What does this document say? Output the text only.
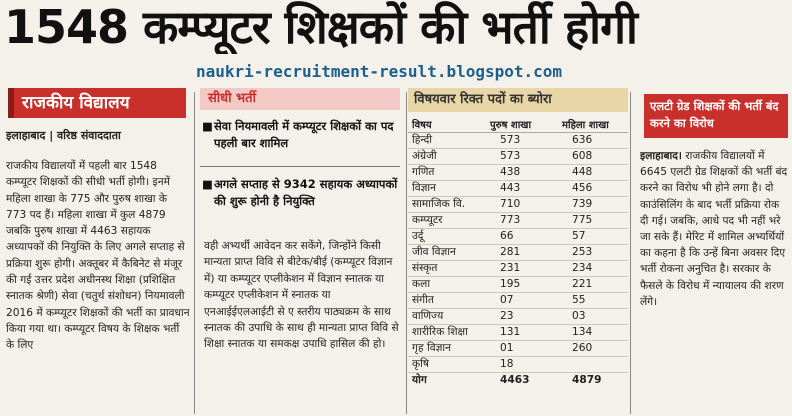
1548 कम्प्यूटर शिक्षकों की भर्ती होगी
naukri-recruitment-result.blogspot.com
राजकीय विद्यालय
इलाहाबाद | वरिष्ठ संवाददाता
राजकीय विद्यालयों में पहली बार 1548 कम्प्यूटर शिक्षकों की सीधी भर्ती होगी। इनमें महिला शाखा के 775 और पुरुष शाखा के 773 पद हैं। महिला शाखा में कुल 4879 जबकि पुरुष शाखा में 4463 सहायक अध्यापकों की नियुक्ति के लिए अगले सप्ताह से प्रक्रिया शुरू होगी। अक्तूबर में कैबिनेट से मंजूर की गई उत्तर प्रदेश अधीनस्थ शिक्षा (प्रशिक्षित स्नातक श्रेणी) सेवा (चतुर्थ संशोधन) नियमावली 2016 में कम्प्यूटर शिक्षकों की भर्ती का प्रावधान किया गया था। कम्प्यूटर विषय के शिक्षक भर्ती के लिए
सीधी भर्ती
■ सेवा नियमावली में कम्प्यूटर शिक्षकों का पद पहली बार शामिल
■ अगले सप्ताह से 9342 सहायक अध्यापकों की शुरू होनी है नियुक्ति
वही अभ्यर्थी आवेदन कर सकेंगे, जिन्होंने किसी मान्यता प्राप्त विवि से बीटेक/बीई (कम्प्यूटर विज्ञान में) या कम्प्यूटर एप्लीकेशन में विज्ञान स्नातक या कम्प्यूटर एप्लीकेशन में स्नातक या एनआईईएलआईटी से ए स्तरीय पाठ्यक्रम के साथ स्नातक की उपाधि के साथ ही मान्यता प्राप्त विवि से शिक्षा स्नातक या समकक्ष उपाधि हासिल की हो।
विषयवार रिक्त पदों का ब्योरा
विषय	पुरुष शाखा	महिला शाखा
हिन्दी	573	636
अंग्रेजी	573	608
गणित	438	448
विज्ञान	443	456
सामाजिक वि.	710	739
कम्प्यूटर	773	775
उर्दू	66	57
जीव विज्ञान	281	253
संस्कृत	231	234
कला	195	221
संगीत	07	55
वाणिज्य	23	03
शारीरिक शिक्षा	131	134
गृह विज्ञान	01	260
कृषि	18	
योग	4463	4879
एलटी ग्रेड शिक्षकों की भर्ती बंद करने का विरोध
इलाहाबाद। राजकीय विद्यालयों में 6645 एलटी ग्रेड शिक्षकों की भर्ती बंद करने का विरोध भी होने लगा है। दो काउंसिलिंग के बाद भर्ती प्रक्रिया रोक दी गई। जबकि, आधे पद भी नहीं भरे जा सके हैं। मेरिट में शामिल अभ्यर्थियों का कहना है कि उन्हें बिना अवसर दिए भर्ती रोकना अनुचित है। सरकार के फैसले के विरोध में न्यायालय की शरण लेंगे।
